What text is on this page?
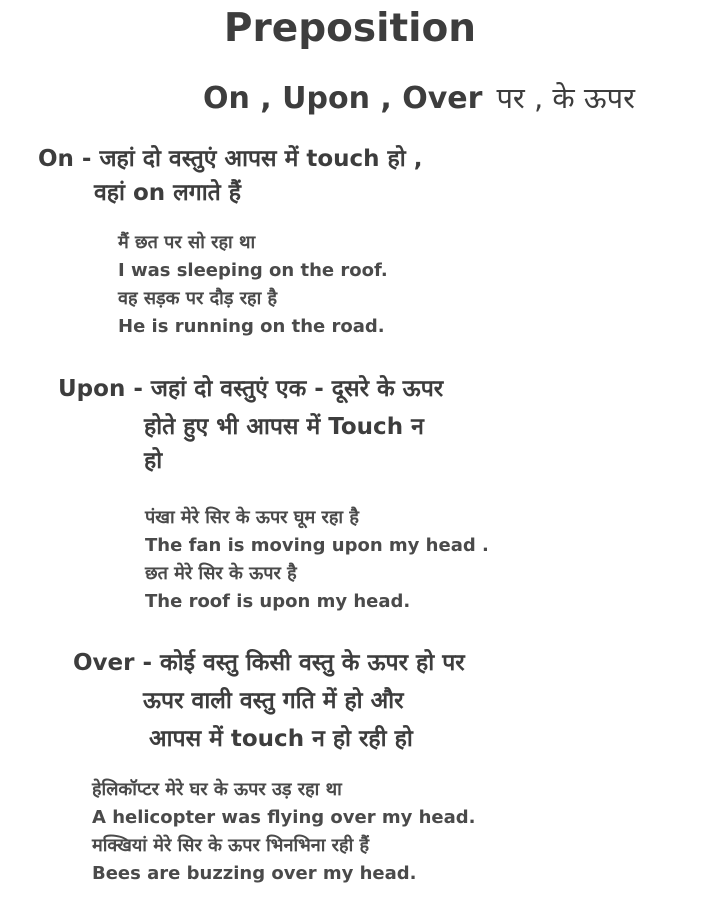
Preposition
On , Upon , Over पर , के ऊपर
On - जहां दो वस्तुएं आपस में touch हो ,
वहां on लगाते हैं
मैं छत पर सो रहा था
I was sleeping on the roof.
वह सड़क पर दौड़ रहा है
He is running on the road.
Upon - जहां दो वस्तुएं एक - दूसरे के ऊपर
होते हुए भी आपस में Touch न
हो
पंखा मेरे सिर के ऊपर घूम रहा है
The fan is moving upon my head .
छत मेरे सिर के ऊपर है
The roof is upon my head.
Over - कोई वस्तु किसी वस्तु के ऊपर हो पर
ऊपर वाली वस्तु गति में हो और
आपस में touch न हो रही हो
हेलिकॉप्टर मेरे घर के ऊपर उड़ रहा था
A helicopter was flying over my head.
मक्खियां मेरे सिर के ऊपर भिनभिना रही हैं
Bees are buzzing over my head.
